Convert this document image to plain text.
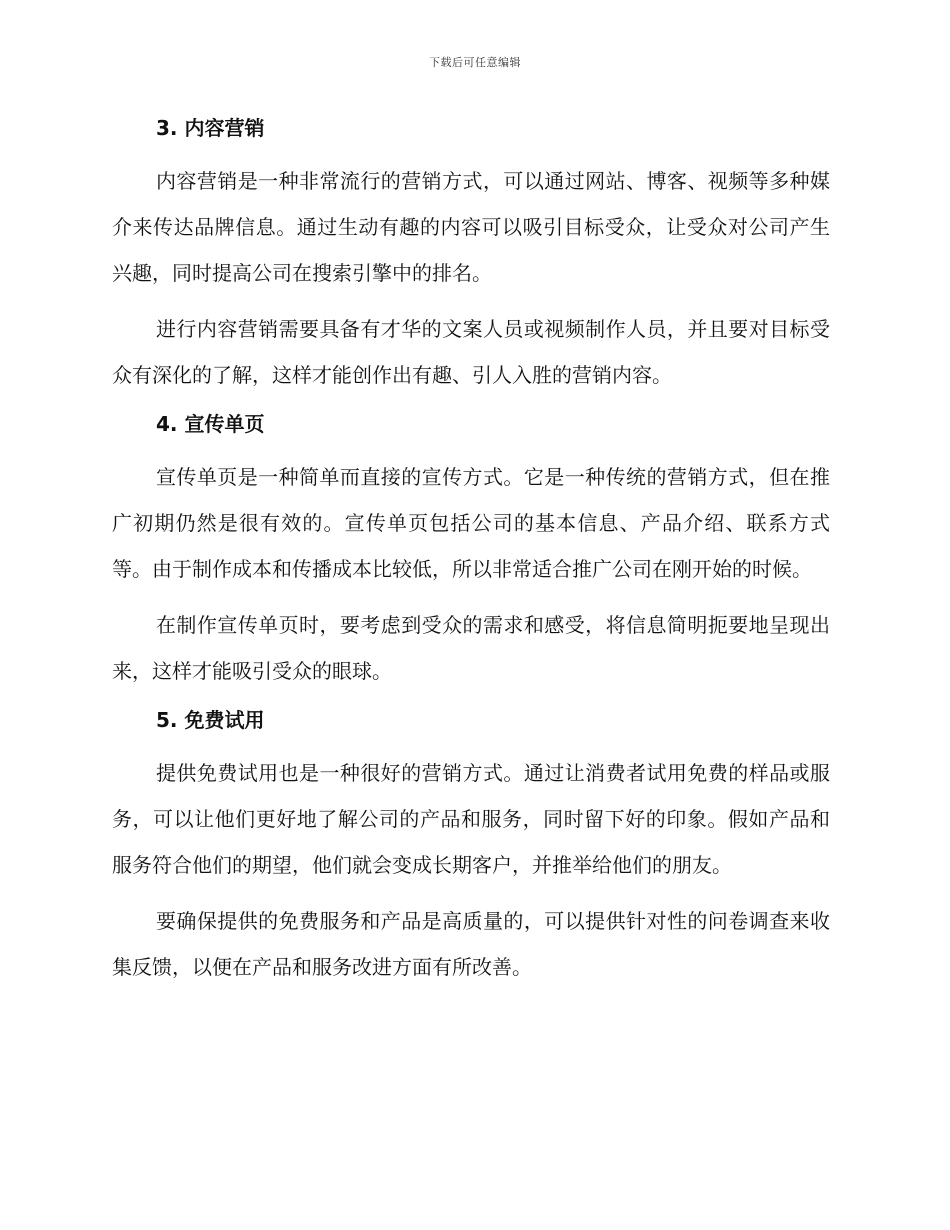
下载后可任意编辑
3. 内容营销

内容营销是一种非常流行的营销方式，可以通过网站、博客、视频等多种媒介来传达品牌信息。通过生动有趣的内容可以吸引目标受众，让受众对公司产生兴趣，同时提高公司在搜索引擎中的排名。

进行内容营销需要具备有才华的文案人员或视频制作人员，并且要对目标受众有深化的了解，这样才能创作出有趣、引人入胜的营销内容。

4. 宣传单页

宣传单页是一种简单而直接的宣传方式。它是一种传统的营销方式，但在推广初期仍然是很有效的。宣传单页包括公司的基本信息、产品介绍、联系方式等。由于制作成本和传播成本比较低，所以非常适合推广公司在刚开始的时候。

在制作宣传单页时，要考虑到受众的需求和感受，将信息简明扼要地呈现出来，这样才能吸引受众的眼球。

5. 免费试用

提供免费试用也是一种很好的营销方式。通过让消费者试用免费的样品或服务，可以让他们更好地了解公司的产品和服务，同时留下好的印象。假如产品和服务符合他们的期望，他们就会变成长期客户，并推举给他们的朋友。

要确保提供的免费服务和产品是高质量的，可以提供针对性的问卷调查来收集反馈，以便在产品和服务改进方面有所改善。
